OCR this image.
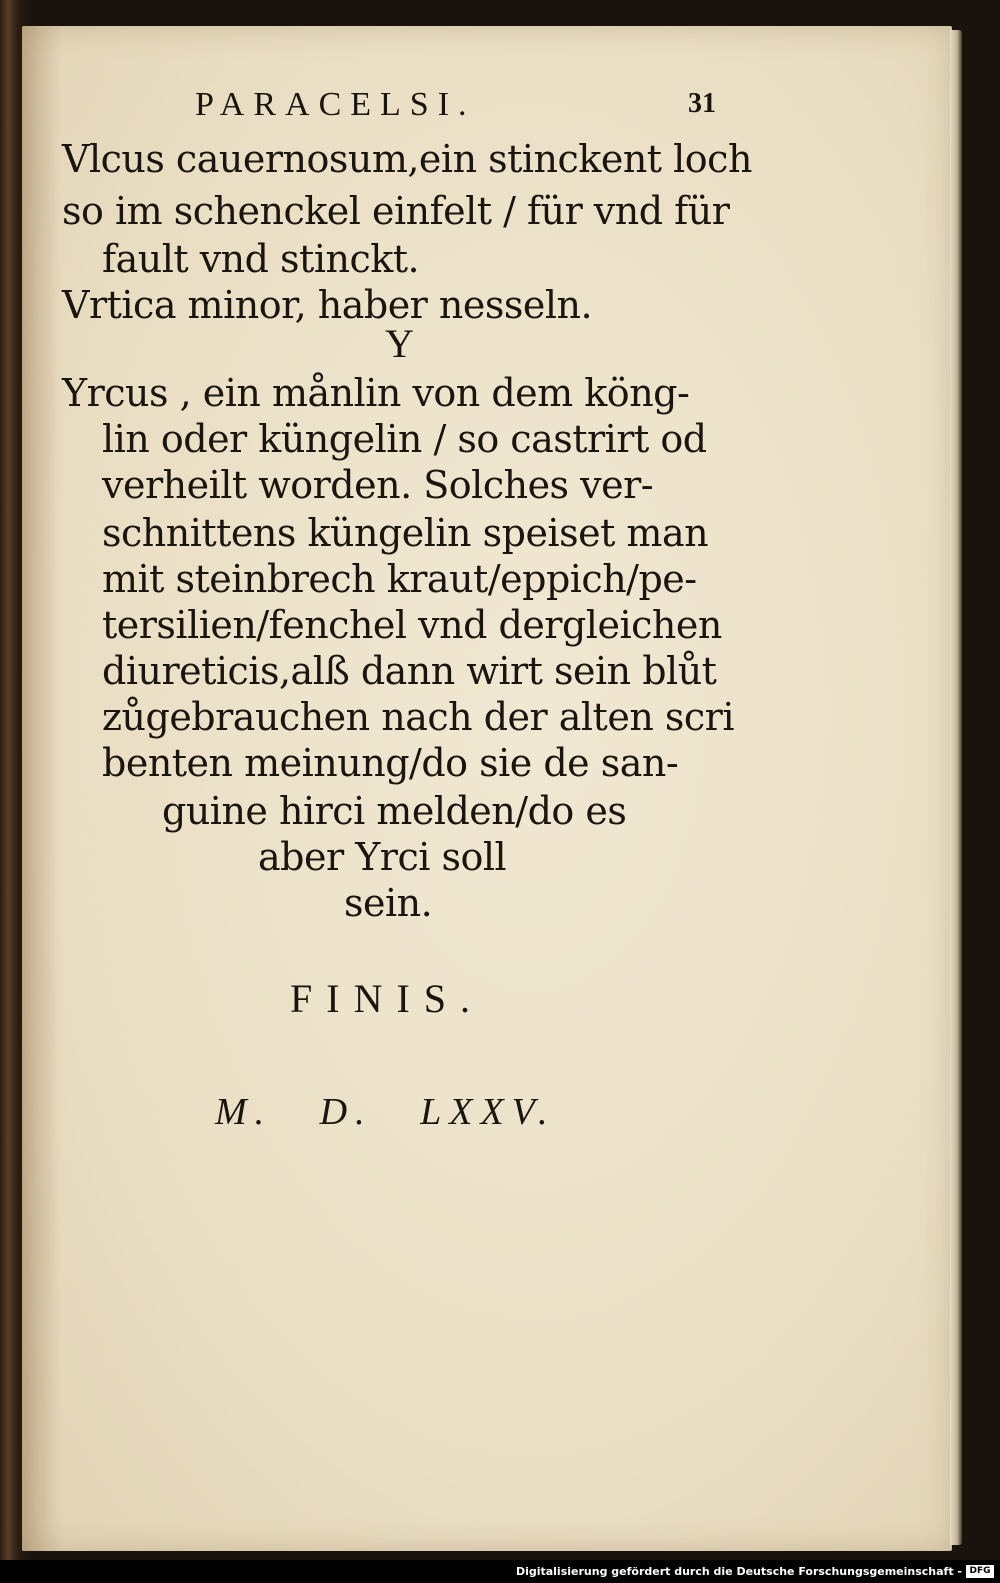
PARACELSI.	31
Vlcus cauernosum,ein stinckent loch
so im schenckel einfelt / für vnd für
fault vnd stinckt.
Vrtica minor, haber nesseln.
Y
Yrcus , ein månlin von dem köng-
lin oder küngelin / so castrirt od
verheilt worden. Solches ver-
schnittens küngelin speiset man
mit steinbrech kraut/eppich/pe-
tersilien/fenchel vnd dergleichen
diureticis,alß dann wirt sein blůt
zůgebrauchen nach der alten scri
benten meinung/do sie de san-
guine hirci melden/do es
aber Yrci soll
sein.
FINIS.
M. D. LXXV.
Digitalisierung gefördert durch die Deutsche Forschungsgemeinschaft - DFG
